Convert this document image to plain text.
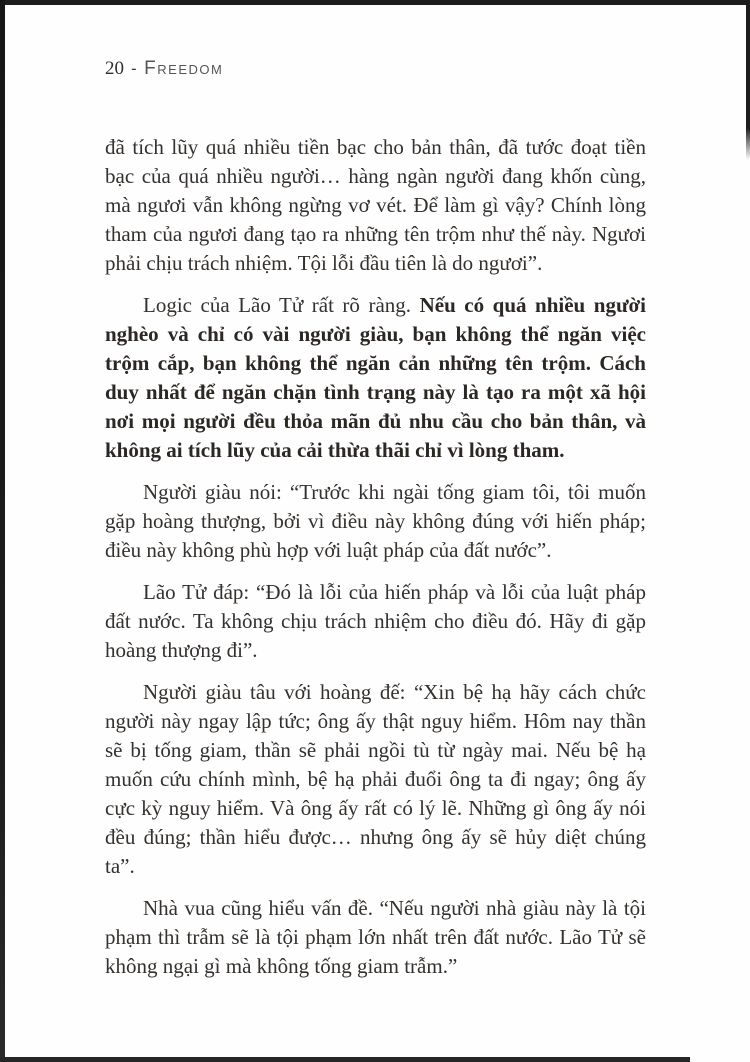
20 - Freedom

đã tích lũy quá nhiều tiền bạc cho bản thân, đã tước đoạt tiền bạc của quá nhiều người… hàng ngàn người đang khốn cùng, mà ngươi vẫn không ngừng vơ vét. Để làm gì vậy? Chính lòng tham của ngươi đang tạo ra những tên trộm như thế này. Ngươi phải chịu trách nhiệm. Tội lỗi đầu tiên là do ngươi”.

Logic của Lão Tử rất rõ ràng. Nếu có quá nhiều người nghèo và chỉ có vài người giàu, bạn không thể ngăn việc trộm cắp, bạn không thể ngăn cản những tên trộm. Cách duy nhất để ngăn chặn tình trạng này là tạo ra một xã hội nơi mọi người đều thỏa mãn đủ nhu cầu cho bản thân, và không ai tích lũy của cải thừa thãi chỉ vì lòng tham.

Người giàu nói: “Trước khi ngài tống giam tôi, tôi muốn gặp hoàng thượng, bởi vì điều này không đúng với hiến pháp; điều này không phù hợp với luật pháp của đất nước”.

Lão Tử đáp: “Đó là lỗi của hiến pháp và lỗi của luật pháp đất nước. Ta không chịu trách nhiệm cho điều đó. Hãy đi gặp hoàng thượng đi”.

Người giàu tâu với hoàng đế: “Xin bệ hạ hãy cách chức người này ngay lập tức; ông ấy thật nguy hiểm. Hôm nay thần sẽ bị tống giam, thần sẽ phải ngồi tù từ ngày mai. Nếu bệ hạ muốn cứu chính mình, bệ hạ phải đuổi ông ta đi ngay; ông ấy cực kỳ nguy hiểm. Và ông ấy rất có lý lẽ. Những gì ông ấy nói đều đúng; thần hiểu được… nhưng ông ấy sẽ hủy diệt chúng ta”.

Nhà vua cũng hiểu vấn đề. “Nếu người nhà giàu này là tội phạm thì trẫm sẽ là tội phạm lớn nhất trên đất nước. Lão Tử sẽ không ngại gì mà không tống giam trẫm.”
